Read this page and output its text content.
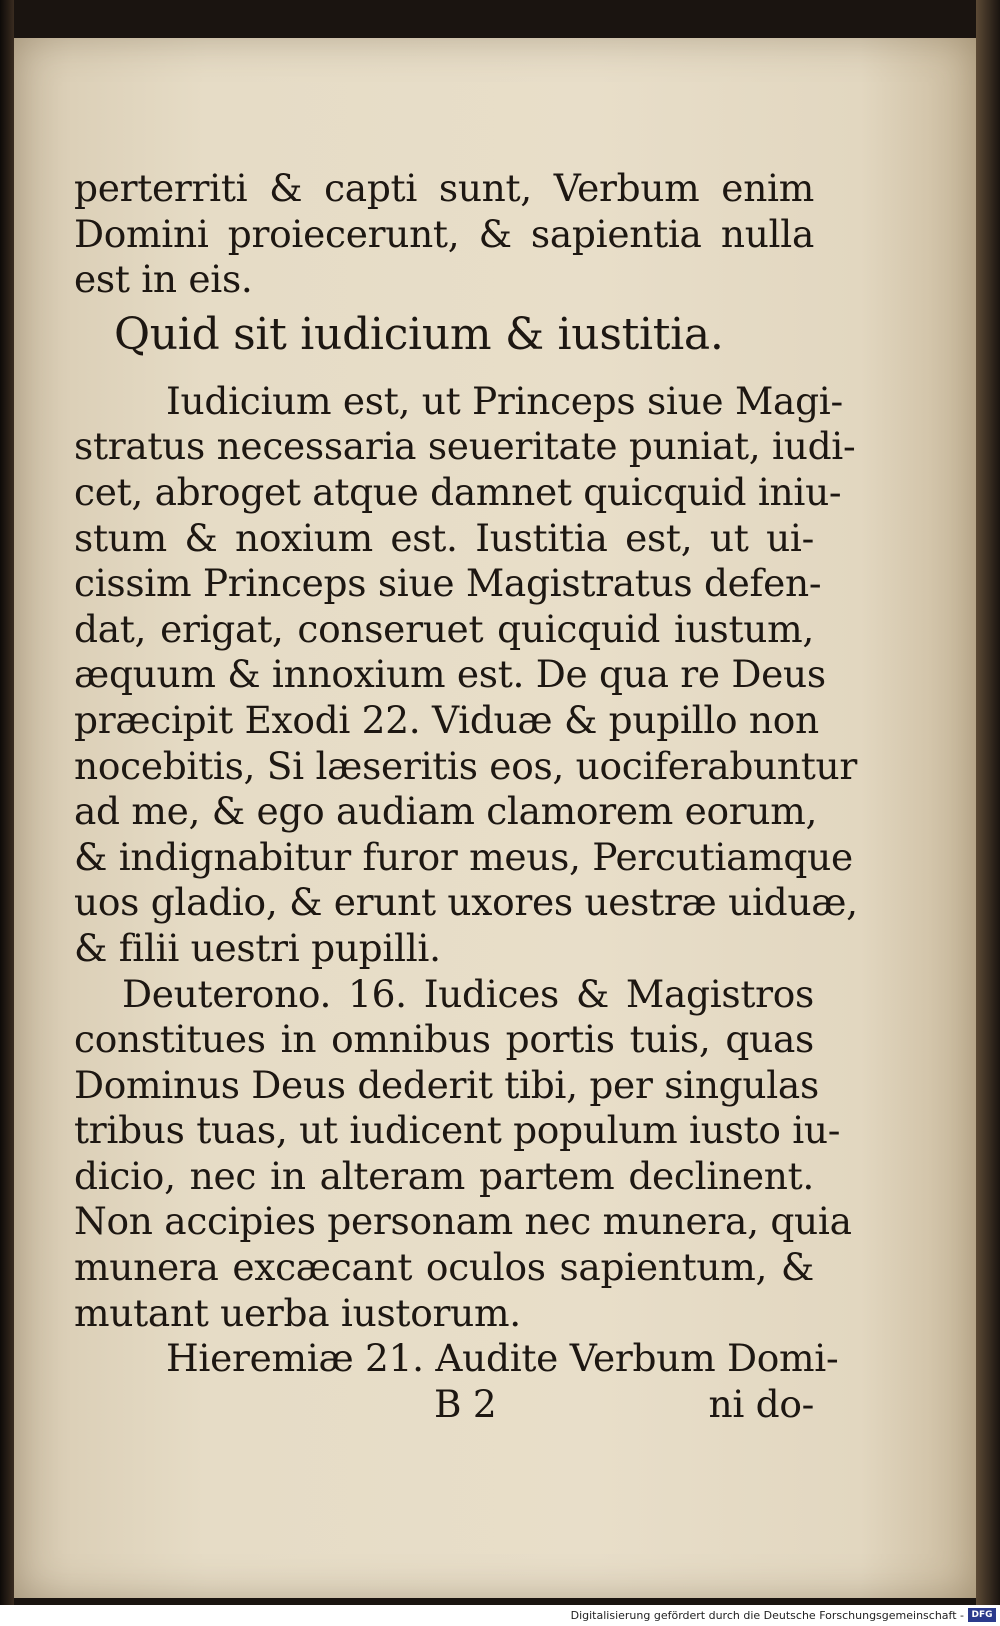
perterriti & capti sunt, Verbum enim
Domini proiecerunt, & sapientia nulla
est in eis.
Quid sit iudicium & iustitia.
Iudicium est, ut Princeps siue Magi-
stratus necessaria seueritate puniat, iudi-
cet, abroget atque damnet quicquid iniu-
stum & noxium est. Iustitia est, ut ui-
cissim Princeps siue Magistratus defen-
dat, erigat, conseruet quicquid iustum,
æquum & innoxium est. De qua re Deus
præcipit Exodi 22. Viduæ & pupillo non
nocebitis, Si læseritis eos, uociferabuntur
ad me, & ego audiam clamorem eorum,
& indignabitur furor meus, Percutiamque
uos gladio, & erunt uxores uestræ uiduæ,
& filii uestri pupilli.
Deuterono. 16. Iudices & Magistros
constitues in omnibus portis tuis, quas
Dominus Deus dederit tibi, per singulas
tribus tuas, ut iudicent populum iusto iu-
dicio, nec in alteram partem declinent.
Non accipies personam nec munera, quia
munera excæcant oculos sapientum, &
mutant uerba iustorum.
Hieremiæ 21. Audite Verbum Domi-
B 2	ni do-
Digitalisierung gefördert durch die Deutsche Forschungsgemeinschaft - DFG
